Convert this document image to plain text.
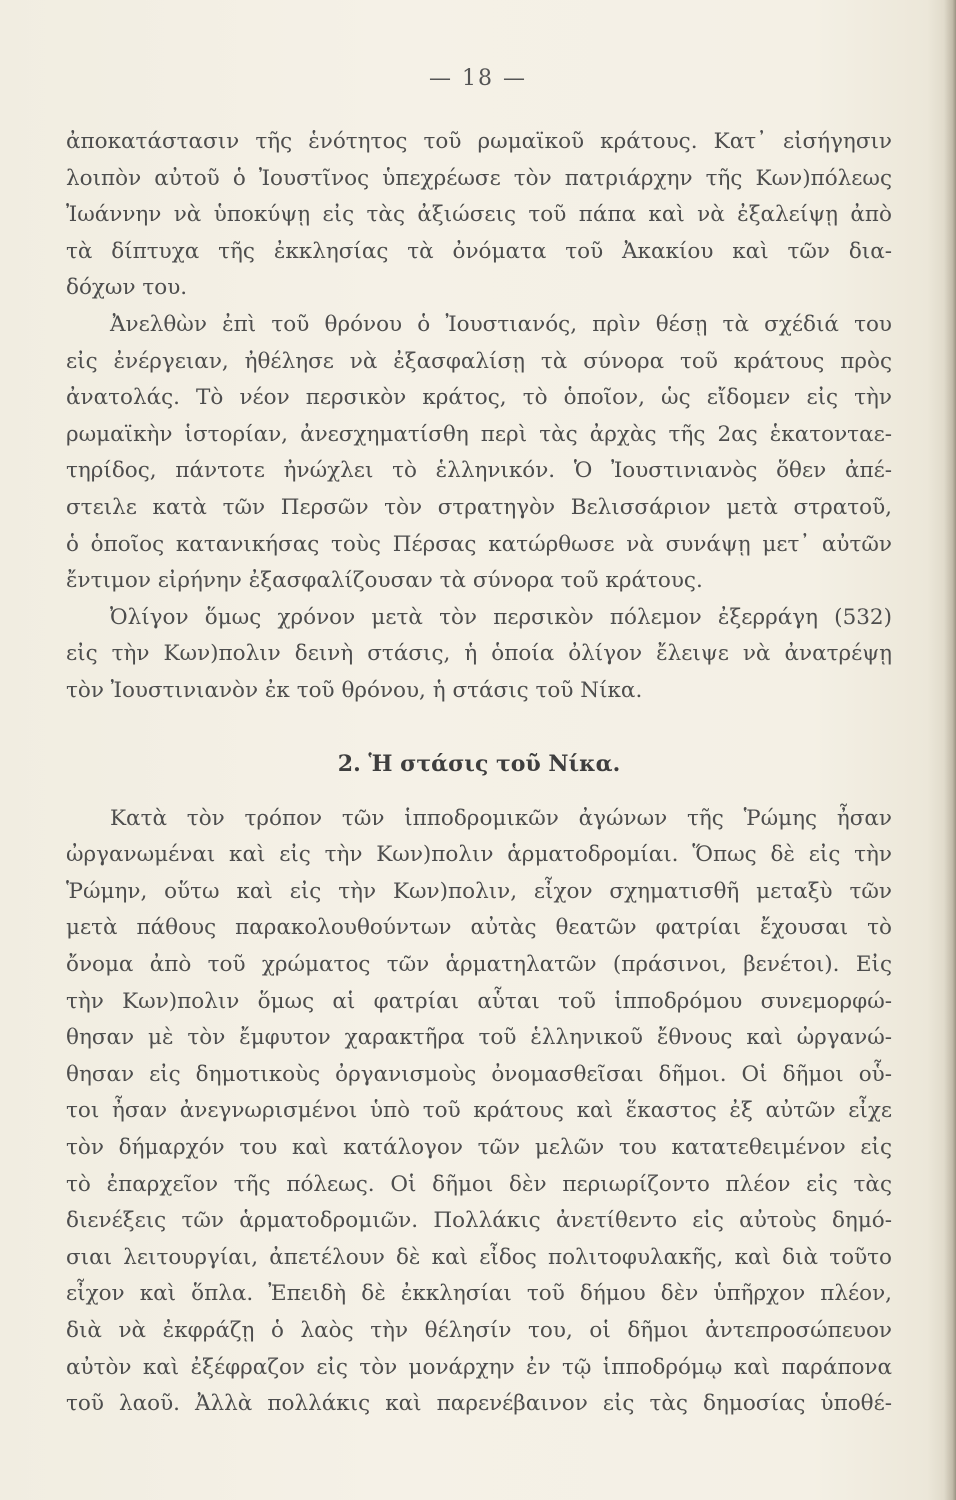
— 18 —
ἀποκατάστασιν τῆς ἑνότητος τοῦ ρωμαϊκοῦ κράτους. Κατ᾿ εἰσήγησιν
λοιπὸν αὐτοῦ ὁ Ἰουστῖνος ὑπεχρέωσε τὸν πατριάρχην τῆς Κων)πόλεως
Ἰωάννην νὰ ὑποκύψῃ εἰς τὰς ἀξιώσεις τοῦ πάπα καὶ νὰ ἐξαλείψῃ ἀπὸ
τὰ δίπτυχα τῆς ἐκκλησίας τὰ ὀνόματα τοῦ Ἀκακίου καὶ τῶν δια-
δόχων του.
Ἀνελθὼν ἐπὶ τοῦ θρόνου ὁ Ἰουστιανός, πρὶν θέσῃ τὰ σχέδιά του
εἰς ἐνέργειαν, ἠθέλησε νὰ ἐξασφαλίσῃ τὰ σύνορα τοῦ κράτους πρὸς
ἀνατολάς. Τὸ νέον περσικὸν κράτος, τὸ ὁποῖον, ὡς εἴδομεν εἰς τὴν
ρωμαϊκὴν ἱστορίαν, ἀνεσχηματίσθη περὶ τὰς ἀρχὰς τῆς 2ας ἑκατονταε-
τηρίδος, πάντοτε ἠνώχλει τὸ ἑλληνικόν. Ὁ Ἰουστινιανὸς ὅθεν ἀπέ-
στειλε κατὰ τῶν Περσῶν τὸν στρατηγὸν Βελισσάριον μετὰ στρατοῦ,
ὁ ὁποῖος κατανικήσας τοὺς Πέρσας κατώρθωσε νὰ συνάψῃ μετ᾿ αὐτῶν
ἔντιμον εἰρήνην ἐξασφαλίζουσαν τὰ σύνορα τοῦ κράτους.
Ὀλίγον ὅμως χρόνον μετὰ τὸν περσικὸν πόλεμον ἐξερράγη (532)
εἰς τὴν Κων)πολιν δεινὴ στάσις, ἡ ὁποία ὀλίγον ἔλειψε νὰ ἀνατρέψῃ
τὸν Ἰουστινιανὸν ἐκ τοῦ θρόνου, ἡ στάσις τοῦ Νίκα.
2. Ἡ στάσις τοῦ Νίκα.
Κατὰ τὸν τρόπον τῶν ἱπποδρομικῶν ἀγώνων τῆς Ῥώμης ἦσαν
ὠργανωμέναι καὶ εἰς τὴν Κων)πολιν ἁρματοδρομίαι. Ὅπως δὲ εἰς τὴν
Ῥώμην, οὕτω καὶ εἰς τὴν Κων)πολιν, εἶχον σχηματισθῆ μεταξὺ τῶν
μετὰ πάθους παρακολουθούντων αὐτὰς θεατῶν φατρίαι ἔχουσαι τὸ
ὄνομα ἀπὸ τοῦ χρώματος τῶν ἁρματηλατῶν (πράσινοι, βενέτοι). Εἰς
τὴν Κων)πολιν ὅμως αἱ φατρίαι αὗται τοῦ ἱπποδρόμου συνεμορφώ-
θησαν μὲ τὸν ἔμφυτον χαρακτῆρα τοῦ ἑλληνικοῦ ἔθνους καὶ ὠργανώ-
θησαν εἰς δημοτικοὺς ὀργανισμοὺς ὀνομασθεῖσαι δῆμοι. Οἱ δῆμοι οὗ-
τοι ἦσαν ἀνεγνωρισμένοι ὑπὸ τοῦ κράτους καὶ ἕκαστος ἐξ αὐτῶν εἶχε
τὸν δήμαρχόν του καὶ κατάλογον τῶν μελῶν του κατατεθειμένον εἰς
τὸ ἐπαρχεῖον τῆς πόλεως. Οἱ δῆμοι δὲν περιωρίζοντο πλέον εἰς τὰς
διενέξεις τῶν ἁρματοδρομιῶν. Πολλάκις ἀνετίθεντο εἰς αὐτοὺς δημό-
σιαι λειτουργίαι, ἀπετέλουν δὲ καὶ εἶδος πολιτοφυλακῆς, καὶ διὰ τοῦτο
εἶχον καὶ ὅπλα. Ἐπειδὴ δὲ ἐκκλησίαι τοῦ δήμου δὲν ὑπῆρχον πλέον,
διὰ νὰ ἐκφράζῃ ὁ λαὸς τὴν θέλησίν του, οἱ δῆμοι ἀντεπροσώπευον
αὐτὸν καὶ ἐξέφραζον εἰς τὸν μονάρχην ἐν τῷ ἱπποδρόμῳ καὶ παράπονα
τοῦ λαοῦ. Ἀλλὰ πολλάκις καὶ παρενέβαινον εἰς τὰς δημοσίας ὑποθέ-
